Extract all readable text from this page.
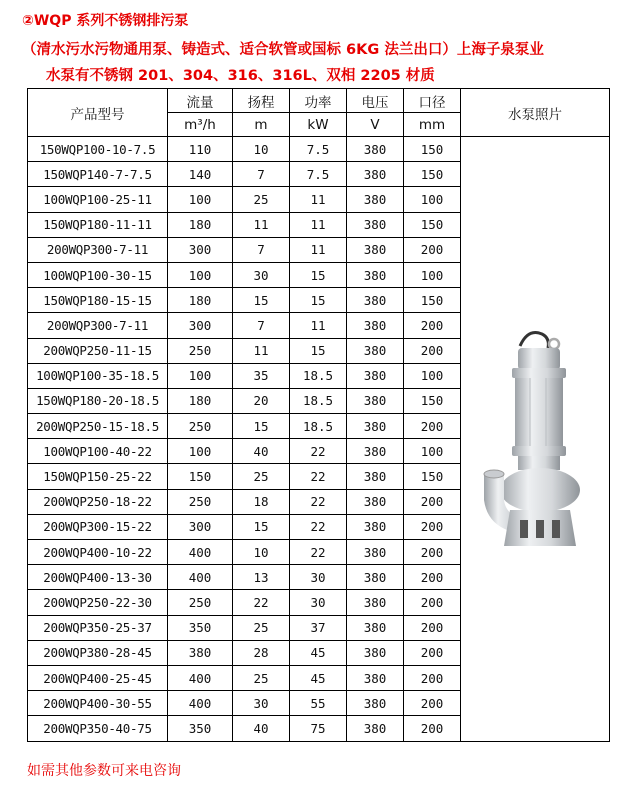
②WQP 系列不锈钢排污泵
（清水污水污物通用泵、铸造式、适合软管或国标 6KG 法兰出口）上海子泉泵业
水泵有不锈钢 201、304、316、316L、双相 2205 材质
产品型号	流量	扬程	功率	电压	口径	水泵照片
	m³/h	m	kW	V	mm	
150WQP100-10-7.5	110	10	7.5	380	150	

150WQP140-7-7.5	140	7	7.5	380	150	
100WQP100-25-11	100	25	11	380	100	
150WQP180-11-11	180	11	11	380	150	
200WQP300-7-11	300	7	11	380	200	
100WQP100-30-15	100	30	15	380	100	
150WQP180-15-15	180	15	15	380	150	
200WQP300-7-11	300	7	11	380	200	
200WQP250-11-15	250	11	15	380	200	
100WQP100-35-18.5	100	35	18.5	380	100	
150WQP180-20-18.5	180	20	18.5	380	150	
200WQP250-15-18.5	250	15	18.5	380	200	
100WQP100-40-22	100	40	22	380	100	
150WQP150-25-22	150	25	22	380	150	
200WQP250-18-22	250	18	22	380	200	
200WQP300-15-22	300	15	22	380	200	
200WQP400-10-22	400	10	22	380	200	
200WQP400-13-30	400	13	30	380	200	
200WQP250-22-30	250	22	30	380	200	
200WQP350-25-37	350	25	37	380	200	
200WQP380-28-45	380	28	45	380	200	
200WQP400-25-45	400	25	45	380	200	
200WQP400-30-55	400	30	55	380	200	
200WQP350-40-75	350	40	75	380	200	
如需其他参数可来电咨询
